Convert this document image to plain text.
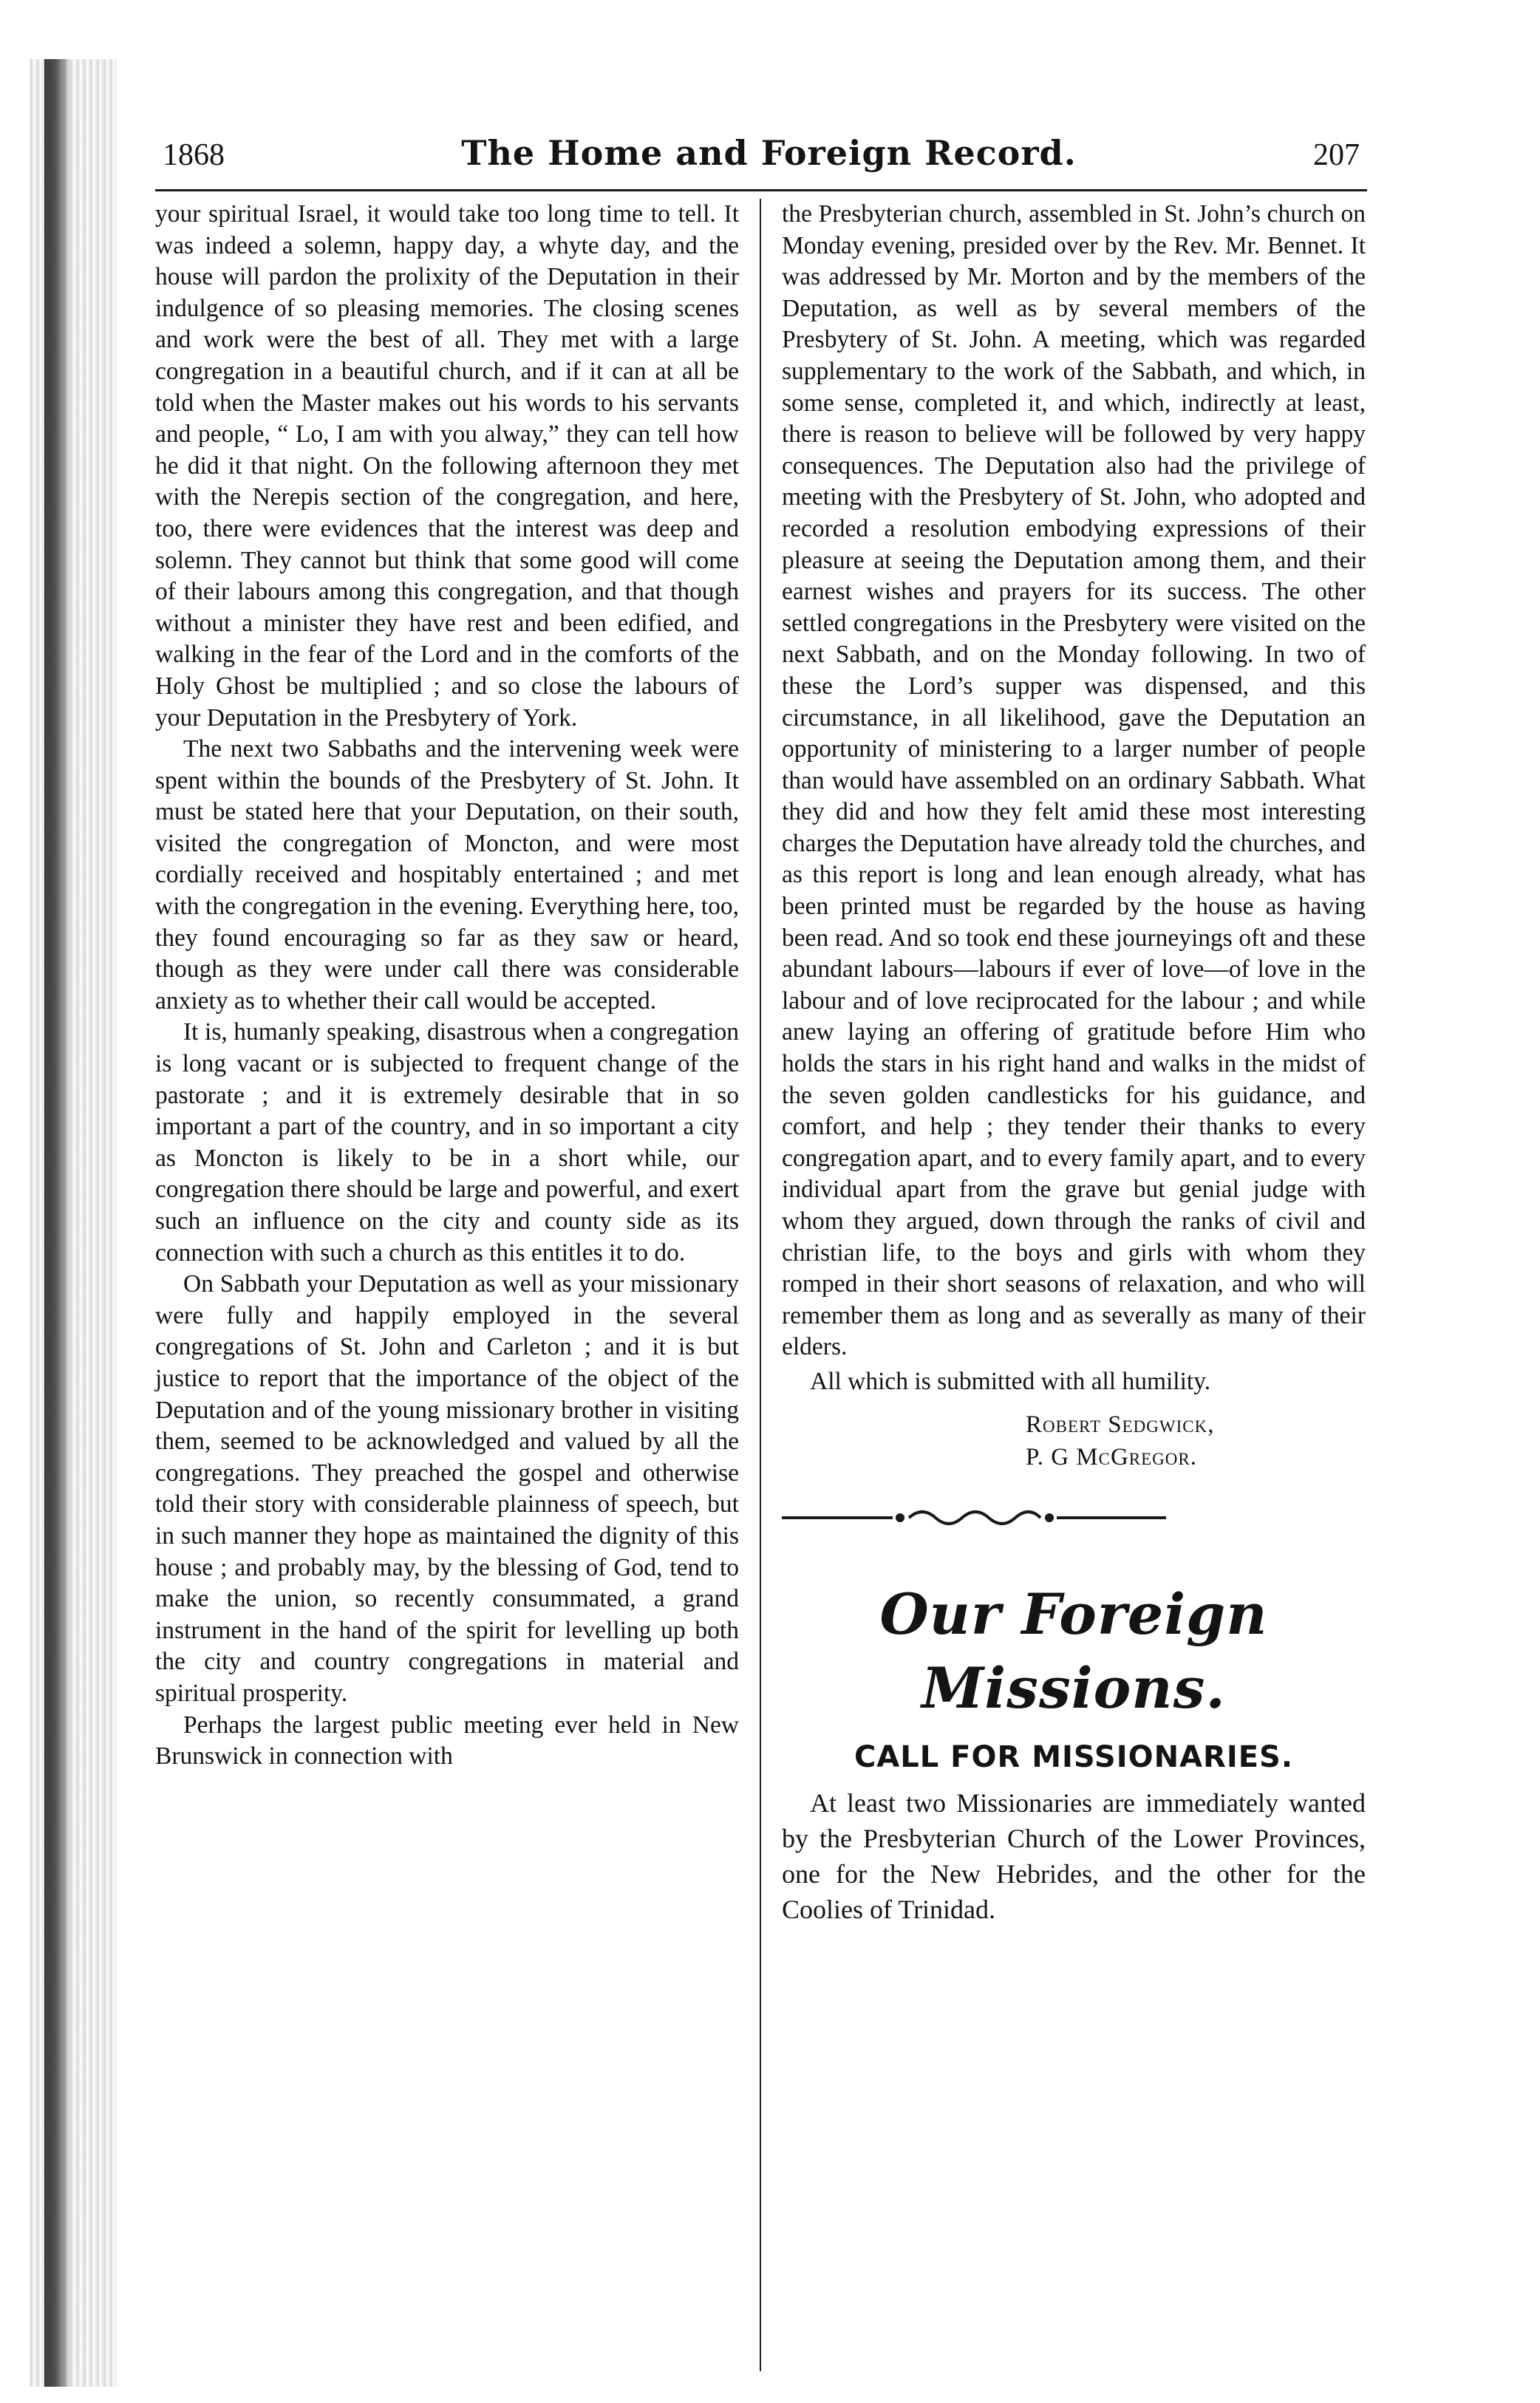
1868	The Home and Foreign Record.	207

your spiritual Israel, it would take too long time to tell. It was indeed a solemn, happy day, a whyte day, and the house will pardon the prolixity of the Deputation in their indulgence of so pleasing memories. The closing scenes and work were the best of all. They met with a large congregation in a beautiful church, and if it can at all be told when the Master makes out his words to his servants and people, “ Lo, I am with you alway,” they can tell how he did it that night. On the following afternoon they met with the Nerepis section of the congregation, and here, too, there were evidences that the interest was deep and solemn. They cannot but think that some good will come of their labours among this congregation, and that though without a minister they have rest and been edified, and walking in the fear of the Lord and in the comforts of the Holy Ghost be multiplied ; and so close the labours of your Deputation in the Presbytery of York.

The next two Sabbaths and the intervening week were spent within the bounds of the Presbytery of St. John. It must be stated here that your Deputation, on their south, visited the congregation of Moncton, and were most cordially received and hospitably entertained ; and met with the congregation in the evening. Everything here, too, they found encouraging so far as they saw or heard, though as they were under call there was considerable anxiety as to whether their call would be accepted.

It is, humanly speaking, disastrous when a congregation is long vacant or is subjected to frequent change of the pastorate ; and it is extremely desirable that in so important a part of the country, and in so important a city as Moncton is likely to be in a short while, our congregation there should be large and powerful, and exert such an influence on the city and county side as its connection with such a church as this entitles it to do.

On Sabbath your Deputation as well as your missionary were fully and happily employed in the several congregations of St. John and Carleton ; and it is but justice to report that the importance of the object of the Deputation and of the young missionary brother in visiting them, seemed to be acknowledged and valued by all the congregations. They preached the gospel and otherwise told their story with considerable plainness of speech, but in such manner they hope as maintained the dignity of this house ; and probably may, by the blessing of God, tend to make the union, so recently consummated, a grand instrument in the hand of the spirit for levelling up both the city and country congregations in material and spiritual prosperity.

Perhaps the largest public meeting ever held in New Brunswick in connection with

the Presbyterian church, assembled in St. John’s church on Monday evening, presided over by the Rev. Mr. Bennet. It was addressed by Mr. Morton and by the members of the Deputation, as well as by several members of the Presbytery of St. John. A meeting, which was regarded supplementary to the work of the Sabbath, and which, in some sense, completed it, and which, indirectly at least, there is reason to believe will be followed by very happy consequences. The Deputation also had the privilege of meeting with the Presbytery of St. John, who adopted and recorded a resolution embodying expressions of their pleasure at seeing the Deputation among them, and their earnest wishes and prayers for its success. The other settled congregations in the Presbytery were visited on the next Sabbath, and on the Monday following. In two of these the Lord’s supper was dispensed, and this circumstance, in all likelihood, gave the Deputation an opportunity of ministering to a larger number of people than would have assembled on an ordinary Sabbath. What they did and how they felt amid these most interesting charges the Deputation have already told the churches, and as this report is long and lean enough already, what has been printed must be regarded by the house as having been read. And so took end these journeyings oft and these abundant labours—labours if ever of love—of love in the labour and of love reciprocated for the labour ; and while anew laying an offering of gratitude before Him who holds the stars in his right hand and walks in the midst of the seven golden candlesticks for his guidance, and comfort, and help ; they tender their thanks to every congregation apart, and to every family apart, and to every individual apart from the grave but genial judge with whom they argued, down through the ranks of civil and christian life, to the boys and girls with whom they romped in their short seasons of relaxation, and who will remember them as long and as severally as many of their elders.

All which is submitted with all humility.

Robert Sedgwick,
P. G McGregor.
Our Foreign Missions.
CALL FOR MISSIONARIES.

At least two Missionaries are immediately wanted by the Presbyterian Church of the Lower Provinces, one for the New Hebrides, and the other for the Coolies of Trinidad.
